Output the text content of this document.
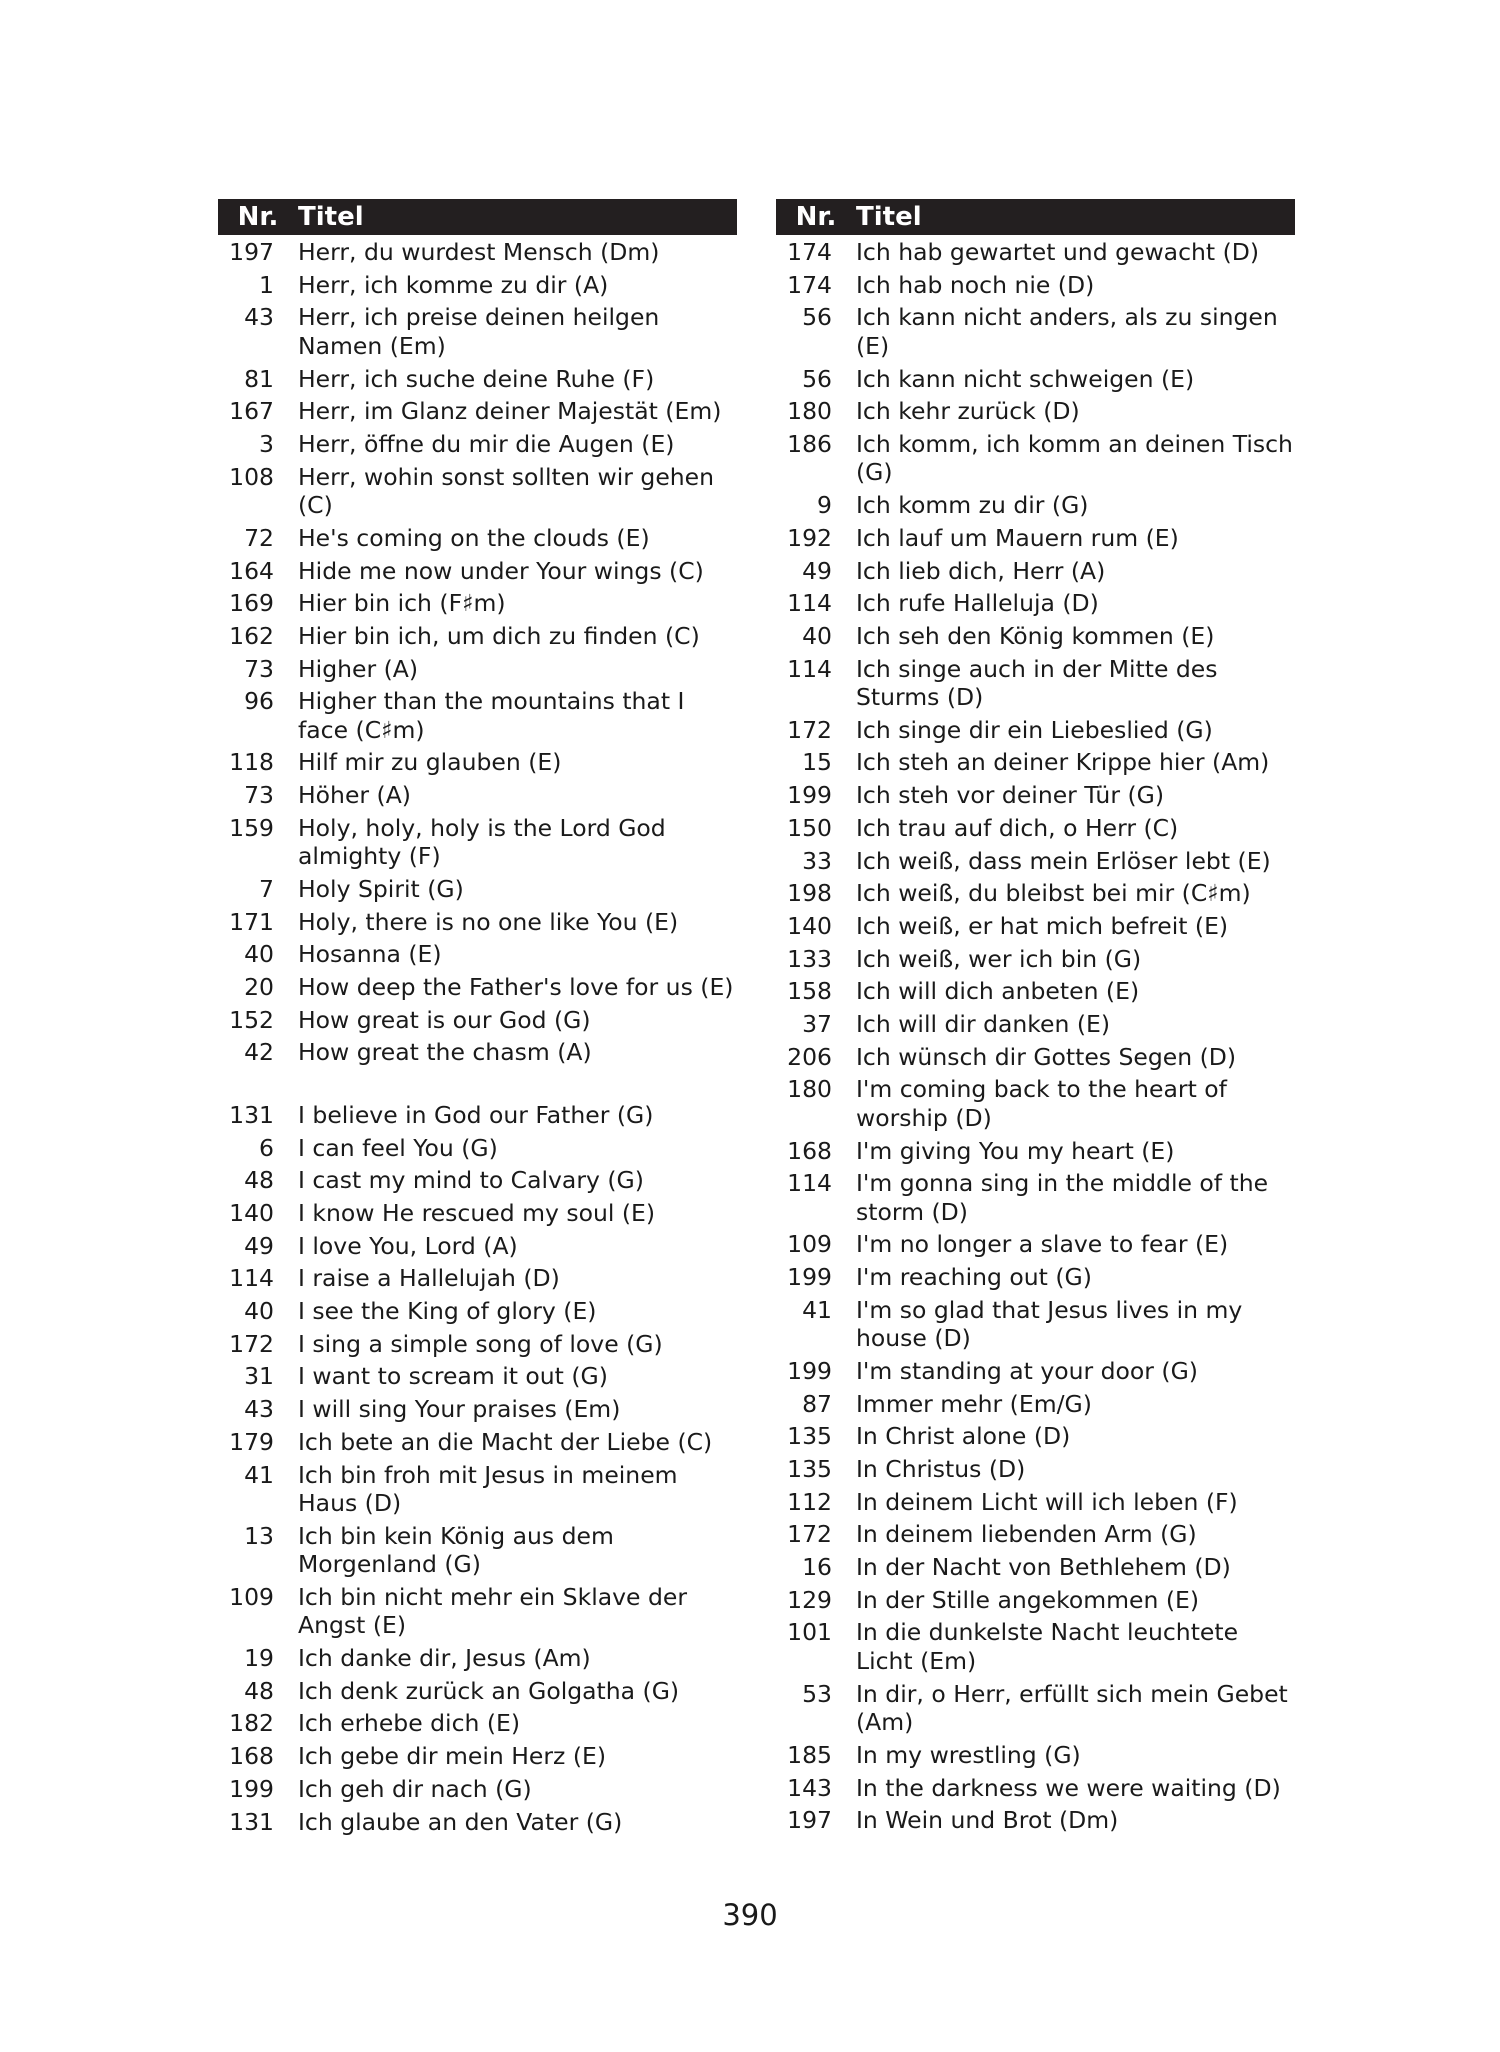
Nr. Titel
197 Herr, du wurdest Mensch (Dm)
1 Herr, ich komme zu dir (A)
43 Herr, ich preise deinen heilgen Namen (Em)
81 Herr, ich suche deine Ruhe (F)
167 Herr, im Glanz deiner Majestät (Em)
3 Herr, öffne du mir die Augen (E)
108 Herr, wohin sonst sollten wir gehen (C)
72 He's coming on the clouds (E)
164 Hide me now under Your wings (C)
169 Hier bin ich (F♯m)
162 Hier bin ich, um dich zu finden (C)
73 Higher (A)
96 Higher than the mountains that I face (C♯m)
118 Hilf mir zu glauben (E)
73 Höher (A)
159 Holy, holy, holy is the Lord God almighty (F)
7 Holy Spirit (G)
171 Holy, there is no one like You (E)
40 Hosanna (E)
20 How deep the Father's love for us (E)
152 How great is our God (G)
42 How great the chasm (A)
131 I believe in God our Father (G)
6 I can feel You (G)
48 I cast my mind to Calvary (G)
140 I know He rescued my soul (E)
49 I love You, Lord (A)
114 I raise a Hallelujah (D)
40 I see the King of glory (E)
172 I sing a simple song of love (G)
31 I want to scream it out (G)
43 I will sing Your praises (Em)
179 Ich bete an die Macht der Liebe (C)
41 Ich bin froh mit Jesus in meinem Haus (D)
13 Ich bin kein König aus dem Morgenland (G)
109 Ich bin nicht mehr ein Sklave der Angst (E)
19 Ich danke dir, Jesus (Am)
48 Ich denk zurück an Golgatha (G)
182 Ich erhebe dich (E)
168 Ich gebe dir mein Herz (E)
199 Ich geh dir nach (G)
131 Ich glaube an den Vater (G)
Nr. Titel
174 Ich hab gewartet und gewacht (D)
174 Ich hab noch nie (D)
56 Ich kann nicht anders, als zu singen (E)
56 Ich kann nicht schweigen (E)
180 Ich kehr zurück (D)
186 Ich komm, ich komm an deinen Tisch (G)
9 Ich komm zu dir (G)
192 Ich lauf um Mauern rum (E)
49 Ich lieb dich, Herr (A)
114 Ich rufe Halleluja (D)
40 Ich seh den König kommen (E)
114 Ich singe auch in der Mitte des Sturms (D)
172 Ich singe dir ein Liebeslied (G)
15 Ich steh an deiner Krippe hier (Am)
199 Ich steh vor deiner Tür (G)
150 Ich trau auf dich, o Herr (C)
33 Ich weiß, dass mein Erlöser lebt (E)
198 Ich weiß, du bleibst bei mir (C♯m)
140 Ich weiß, er hat mich befreit (E)
133 Ich weiß, wer ich bin (G)
158 Ich will dich anbeten (E)
37 Ich will dir danken (E)
206 Ich wünsch dir Gottes Segen (D)
180 I'm coming back to the heart of worship (D)
168 I'm giving You my heart (E)
114 I'm gonna sing in the middle of the storm (D)
109 I'm no longer a slave to fear (E)
199 I'm reaching out (G)
41 I'm so glad that Jesus lives in my house (D)
199 I'm standing at your door (G)
87 Immer mehr (Em/G)
135 In Christ alone (D)
135 In Christus (D)
112 In deinem Licht will ich leben (F)
172 In deinem liebenden Arm (G)
16 In der Nacht von Bethlehem (D)
129 In der Stille angekommen (E)
101 In die dunkelste Nacht leuchtete Licht (Em)
53 In dir, o Herr, erfüllt sich mein Gebet (Am)
185 In my wrestling (G)
143 In the darkness we were waiting (D)
197 In Wein und Brot (Dm)
390
